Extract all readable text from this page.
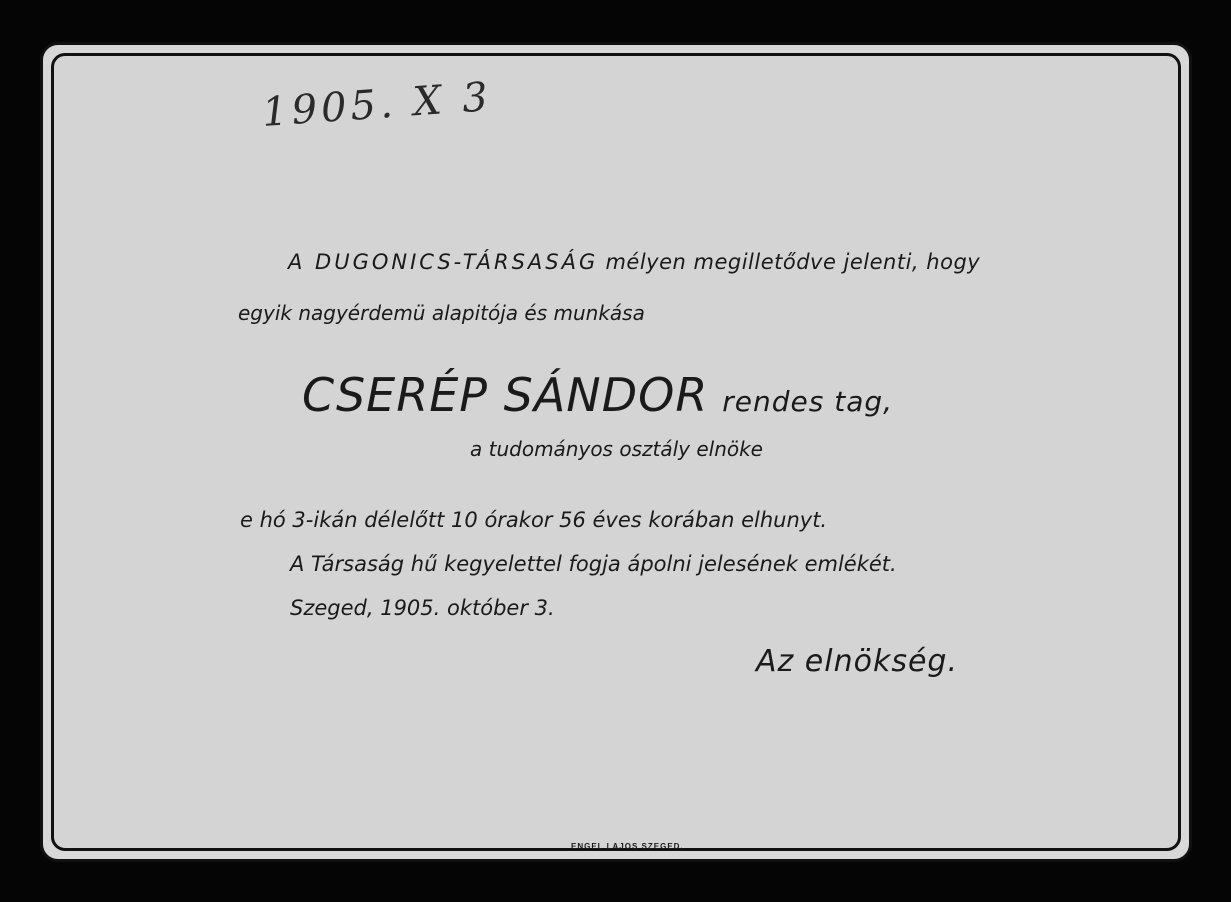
1905. X 3
A DUGONICS-TÁRSASÁG mélyen megilletődve jelenti, hogy
egyik nagyérdemü alapitója és munkása
CSERÉP SÁNDOR rendes tag,
a tudományos osztály elnöke
e hó 3-ikán délelőtt 10 órakor 56 éves korában elhunyt.
A Társaság hű kegyelettel fogja ápolni jelesének emlékét.
Szeged, 1905. október 3.
Az elnökség.
ENGEL LAJOS SZEGED.
